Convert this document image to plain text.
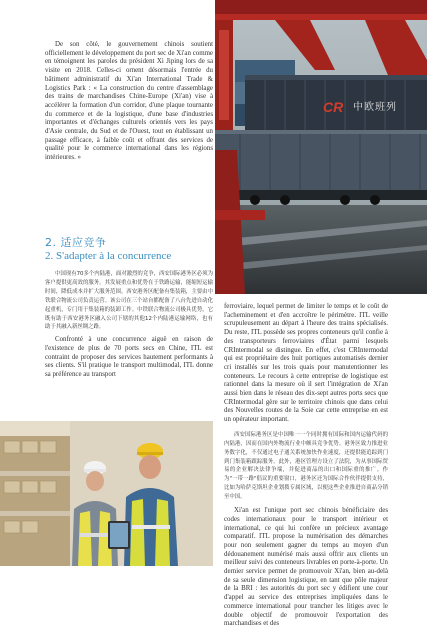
CR 中欧班列

De son côté, le gouvernement chinois soutient officiellement le développement du port sec de Xi'an comme en témoignent les paroles du président Xi Jiping lors de sa visite en 2018. Celles-ci ornent désormais l'entrée du bâtiment administratif du Xi'an International Trade & Logistics Park : « La construction du centre d'assemblage des trains de marchandises Chine-Europe (Xi'an) vise à accélérer la formation d'un corridor, d'une plaque tournante du commerce et de la logistique, d'une base d'industries importantes et d'échanges culturels orientés vers les pays d'Asie centrale, du Sud et de l'Ouest, tout en établissant un passage efficace, à faible coût et offrant des services de qualité pour le commerce international dans les régions intérieures. »

2. 适应竞争
2. S'adapter à la concurrence

中国现有70多个内陆港，面对激烈的竞争，西安国际港务区必须为客户提供更高效的服务。其发展重点和优势在于铁路运输，能缩短运输时间，降低成本并扩大服务范围。西安港务区配备有集装箱，主要由中铁联合物流公司负责运营。该公司在三个站台都配备了八台先进自动化起重机，专门用于集装箱的装卸工作。中铁联合物流公司极具优势，它既有助于西安港务区融入公司下辖的其他12个内陆港运输网络，也有助于其融入新丝绸之路。

Confronté à une concurrence aiguë en raison de l'existence de plus de 70 ports secs en Chine, ITL est contraint de proposer des services hautement performants à ses clients. S'il pratique le transport multimodal, ITL donne sa préférence au transport

ferroviaire, lequel permet de limiter le temps et le coût de l'acheminement et d'en accroître le périmètre. ITL veille scrupuleusement au départ à l'heure des trains spécialisés. Du reste, ITL possède ses propres conteneurs qu'il confie à des transporteurs ferroviaires d'État parmi lesquels CRIntermodal se distingue. En effet, c'est CRIntermodal qui est propriétaire des huit portiques automatisés dernier cri installés sur les trois quais pour manutentionner les conteneurs. Le recours à cette entreprise de logistique est rationnel dans la mesure où il sert l'intégration de Xi'an aussi bien dans le réseau des dix-sept autres ports secs que CRIntermodal gère sur le territoire chinois que dans celui des Nouvelles routes de la Soie car cette entreprise en est un opérateur important.

西安国际港务区是中国唯一一个同时拥有国际和国内运输代码的内陆港，因而在国内外物流行业中颇具竞争优势。港务区致力推进业务数字化，不仅通过电子通关系统加快作业速度，还提供能追踪到门到门集装箱跟踪服务。此外，港区管理方设立了法院，为从事国际贸易的企业解决法律争端，并促进商品的出口和国际重的推广。作为"一带一路"倡议的重要窗口，港务区还为国际合作伙伴提供支持，比如为哈萨克斯坦企业划拨专属区域，以便这些企业推进自商品分销至中国。

Xi'an est l'unique port sec chinois bénéficiaire des codes internationaux pour le transport intérieur et international, ce qui lui confère un précieux avantage comparatif. ITL propose la numérisation des démarches pour non seulement gagner du temps au moyen d'un dédouanement numérisé mais aussi offrir aux clients un meilleur suivi des conteneurs livrables en porte-à-porte. Un dernier service permet de promouvoir Xi'an, bien au-delà de sa seule dimension logistique, en tant que pôle majeur de la BRI : les autorités du port sec y édifient une cour d'appel au service des entreprises impliquées dans le commerce international pour trancher les litiges avec le double objectif de promouvoir l'exportation des marchandises et des
